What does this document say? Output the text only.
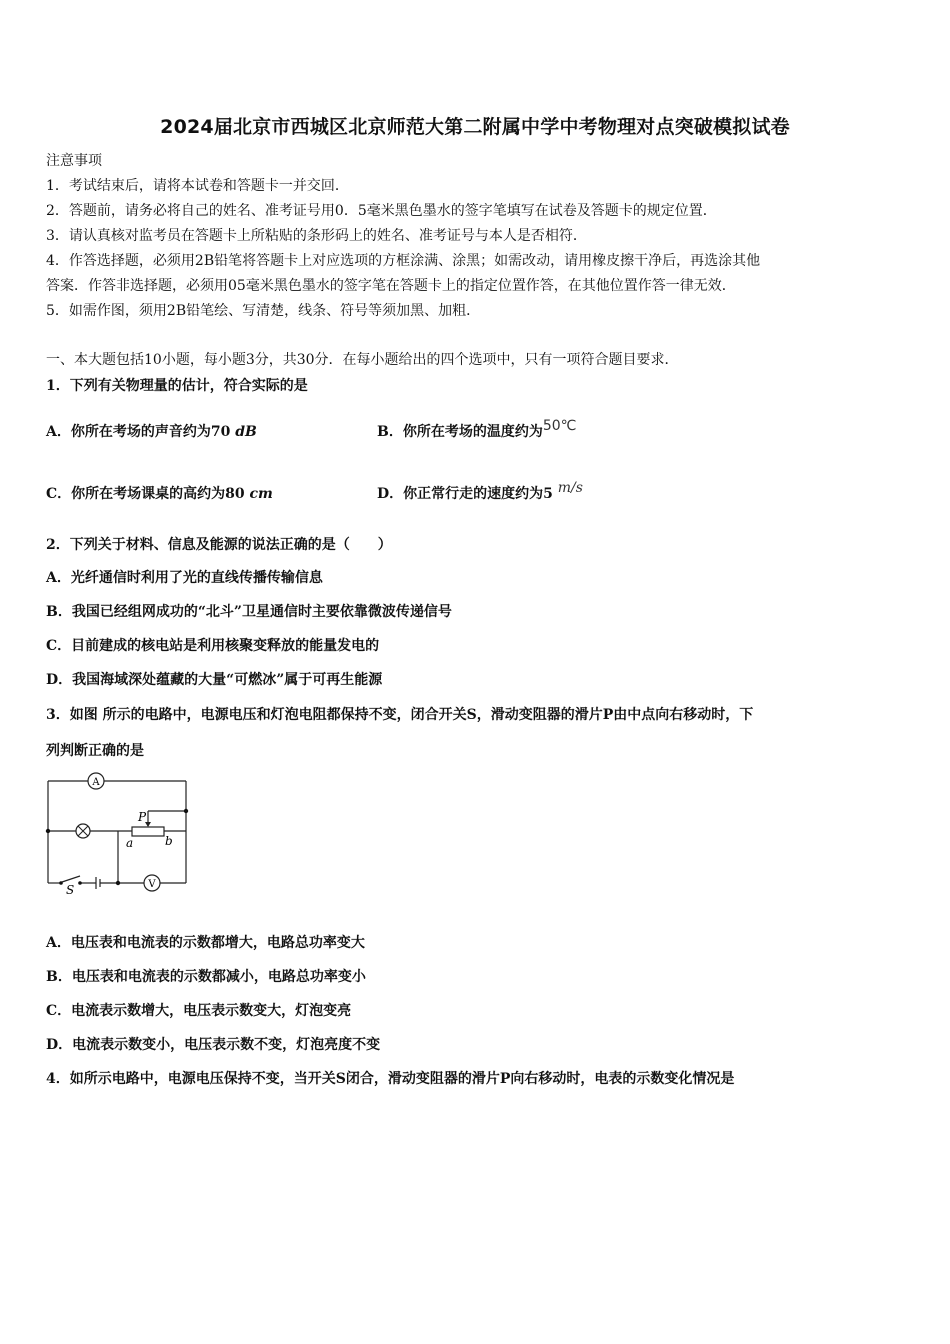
2024届北京市西城区北京师范大第二附属中学中考物理对点突破模拟试卷
注意事项
1．考试结束后，请将本试卷和答题卡一并交回．
2．答题前，请务必将自己的姓名、准考证号用0．5毫米黑色墨水的签字笔填写在试卷及答题卡的规定位置．
3．请认真核对监考员在答题卡上所粘贴的条形码上的姓名、准考证号与本人是否相符．
4．作答选择题，必须用2B铅笔将答题卡上对应选项的方框涂满、涂黑；如需改动，请用橡皮擦干净后，再选涂其他
答案．作答非选择题，必须用05毫米黑色墨水的签字笔在答题卡上的指定位置作答，在其他位置作答一律无效．
5．如需作图，须用2B铅笔绘、写清楚，线条、符号等须加黑、加粗．
一、本大题包括10小题，每小题3分，共30分．在每小题给出的四个选项中，只有一项符合题目要求．
1．下列有关物理量的估计，符合实际的是
A．你所在考场的声音约为70 dB	B．你所在考场的温度约为50℃
C．你所在考场课桌的高约为80 cm	D．你正常行走的速度约为5 m/s
2．下列关于材料、信息及能源的说法正确的是（　　）
A．光纤通信时利用了光的直线传播传输信息
B．我国已经组网成功的“北斗”卫星通信时主要依靠微波传递信号
C．目前建成的核电站是利用核聚变释放的能量发电的
D．我国海域深处蕴藏的大量“可燃冰”属于可再生能源
3．如图 所示的电路中，电源电压和灯泡电阻都保持不变，闭合开关S，滑动变阻器的滑片P由中点向右移动时，下
列判断正确的是
A
V
P
a	b
S
A．电压表和电流表的示数都增大，电路总功率变大
B．电压表和电流表的示数都减小，电路总功率变小
C．电流表示数增大，电压表示数变大，灯泡变亮
D．电流表示数变小，电压表示数不变，灯泡亮度不变
4．如所示电路中，电源电压保持不变，当开关S闭合，滑动变阻器的滑片P向右移动时，电表的示数变化情况是
